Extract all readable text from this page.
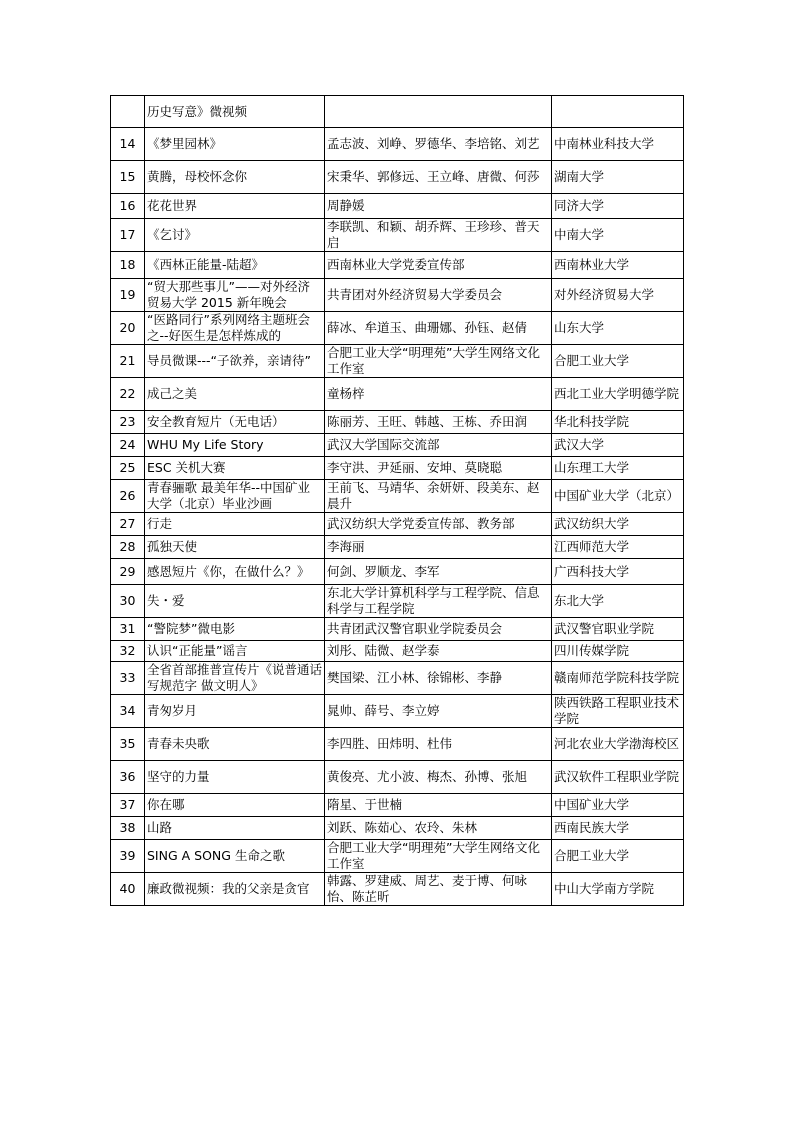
	历史写意》微视频		
14	《梦里园林》	孟志波、刘峥、罗德华、李培铭、刘艺	中南林业科技大学
15	黄腾，母校怀念你	宋秉华、郭修远、王立峰、唐微、何莎	湖南大学
16	花花世界	周静媛	同济大学
17	《乞讨》	李联凯、和颖、胡乔辉、王珍珍、普天启	中南大学
18	《西林正能量-陆超》	西南林业大学党委宣传部	西南林业大学
19	“贸大那些事儿”——对外经济贸易大学 2015 新年晚会	共青团对外经济贸易大学委员会	对外经济贸易大学
20	“医路同行”系列网络主题班会之--好医生是怎样炼成的	薛冰、牟道玉、曲珊娜、孙钰、赵倩	山东大学
21	导员微课---“子欲养，亲请待”	合肥工业大学“明理苑”大学生网络文化工作室	合肥工业大学
22	成己之美	童杨梓	西北工业大学明德学院
23	安全教育短片（无电话）	陈丽芳、王旺、韩越、王栋、乔田润	华北科技学院
24	WHU My Life Story	武汉大学国际交流部	武汉大学
25	ESC 关机大赛	李守洪、尹延丽、安坤、莫晓聪	山东理工大学
26	青春骊歌 最美年华--中国矿业大学（北京）毕业沙画	王前飞、马靖华、余妍妍、段美东、赵晨升	中国矿业大学（北京）
27	行走	武汉纺织大学党委宣传部、教务部	武汉纺织大学
28	孤独天使	李海丽	江西师范大学
29	感恩短片《你，在做什么？》	何剑、罗顺龙、李军	广西科技大学
30	失・爱	东北大学计算机科学与工程学院、信息科学与工程学院	东北大学
31	“警院梦”微电影	共青团武汉警官职业学院委员会	武汉警官职业学院
32	认识“正能量”谣言	刘彤、陆微、赵学泰	四川传媒学院
33	全省首部推普宣传片《说普通话 写规范字 做文明人》	樊国梁、江小林、徐锦彬、李静	赣南师范学院科技学院
34	青匆岁月	晁帅、薛号、李立婷	陕西铁路工程职业技术学院
35	青春未央歌	李四胜、田炜明、杜伟	河北农业大学渤海校区
36	坚守的力量	黄俊亮、尤小波、梅杰、孙博、张旭	武汉软件工程职业学院
37	你在哪	隋星、于世楠	中国矿业大学
38	山路	刘跃、陈茹心、农玲、朱林	西南民族大学
39	SING A SONG 生命之歌	合肥工业大学“明理苑”大学生网络文化工作室	合肥工业大学
40	廉政微视频：我的父亲是贪官	韩露、罗建威、周艺、麦于博、何咏怡、陈芷昕	中山大学南方学院
